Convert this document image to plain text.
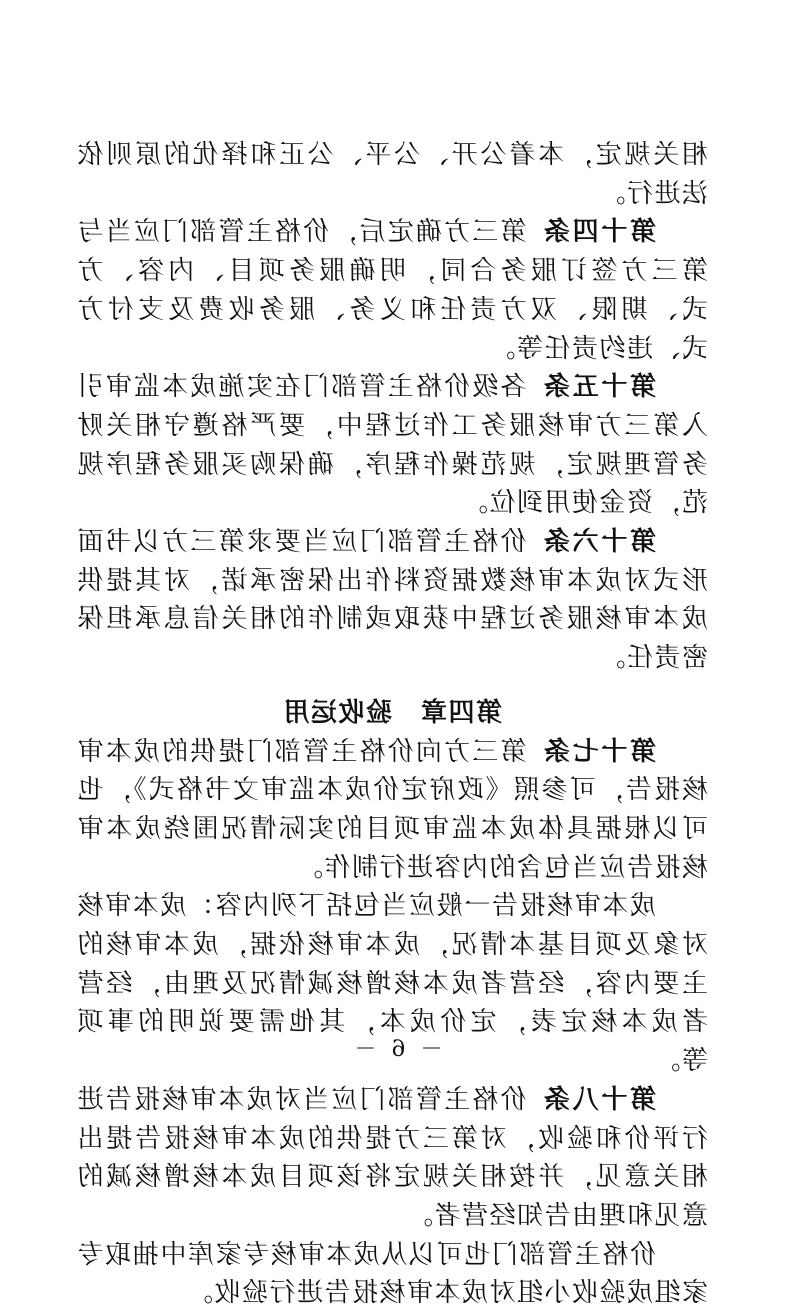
相关规定，本着公开、公平、公正和择优的原则依法进行。
第十四条第三方确定后，价格主管部门应当与第三方签订服务合同，明确服务项目、内容、方式、期限、双方责任和义务、服务收费及支付方式、违约责任等。
第十五条各级价格主管部门在实施成本监审引入第三方审核服务工作过程中，要严格遵守相关财务管理规定，规范操作程序，确保购买服务程序规范，资金使用到位。
第十六条价格主管部门应当要求第三方以书面形式对成本审核数据资料作出保密承诺，对其提供成本审核服务过程中获取或制作的相关信息承担保密责任。
第四章　验收运用
第十七条第三方向价格主管部门提供的成本审核报告，可参照《政府定价成本监审文书格式》，也可以根据具体成本监审项目的实际情况围绕成本审核报告应当包含的内容进行制作。
成本审核报告一般应当包括下列内容：成本审核对象及项目基本情况，成本审核依据，成本审核的主要内容，经营者成本核增核减情况及理由，经营者成本核定表，定价成本，其他需要说明的事项等。
第十八条价格主管部门应当对成本审核报告进行评价和验收，对第三方提供的成本审核报告提出相关意见，并按相关规定将该项目成本核增核减的意见和理由告知经营者。
价格主管部门也可以从成本审核专家库中抽取专家组成验收小组对成本审核报告进行验收。
－ 6 －
